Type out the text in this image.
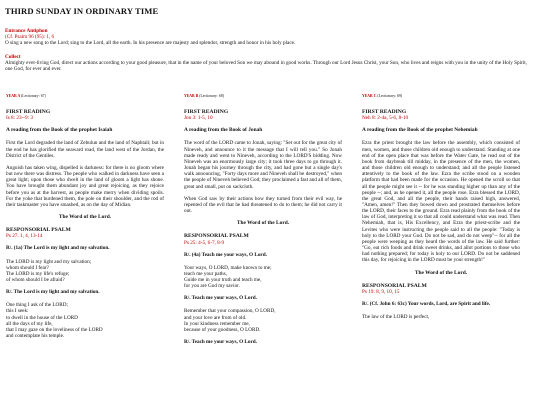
THIRD SUNDAY IN ORDINARY TIME
Entrance Antiphon
(Cf. Psalm 96 (95): 1, 6
O sing a new song to the Lord; sing to the Lord, all the earth. In his presence are majesty and splendor, strength and honor in his holy place.
Collect
Almighty ever-living God, direct our actions according to your good pleasure, that in the name of your beloved Son we may abound in good works. Through our Lord Jesus Christ, your Son, who lives and reigns with you in the unity of the Holy Spirit, one God, for ever and ever.
YEAR A (Lectionary: 67)
FIRST READING
Is 8: 23--9: 3
A reading from the Book of the prophet Isaiah
First the Lord degraded the land of Zebulun and the land of Naphtali; but in the end he has glorified the seaward road, the land west of the Jordan, the District of the Gentiles.
Anguish has taken wing, dispelled is darkness: for there is no gloom where but now there was distress. The people who walked in darkness have seen a great light; upon those who dwelt in the land of gloom a light has shone. You have brought them abundant joy and great rejoicing, as they rejoice before you as at the harvest, as people make merry when dividing spoils. For the yoke that burdened them, the pole on their shoulder, and the rod of their taskmaster you have smashed, as on the day of Midian.
The Word of the Lord.
RESPONSORIAL PSALM
Ps 27. 1, 4, 13-14
R/. (1a) The Lord is my light and my salvation.
The LORD is my light and my salvation;
whom should I fear?
The LORD is my life's refuge;
of whom should I be afraid?
R/. The Lord is my light and my salvation.
One thing I ask of the LORD;
this I seek:
to dwell in the house of the LORD
all the days of my life,
that I may gaze on the loveliness of the LORD
and contemplate his temple.
YEAR B (Lectionary: 68)
FIRST READING
Jon 3: 1-5, 10
A reading from the Book of Jonah
The word of the LORD came to Jonah, saying: "Set out for the great city of Nineveh, and announce to it the message that I will tell you." So Jonah made ready and went to Nineveh, according to the LORD'S bidding. Now Nineveh was an enormously large city; it took three days to go through it. Jonah began his journey through the city, and had gone but a single day's walk announcing, "Forty days more and Nineveh shall be destroyed," when the people of Nineveh believed God; they proclaimed a fast and all of them, great and small, put on sackcloth.
When God saw by their actions how they turned from their evil way, he repented of the evil that he had threatened to do to them; he did not carry it out.
The Word of the Lord.
RESPONSORIAL PSALM
Ps 25: 4-5, 6-7, 8-9
R/. (4a) Teach me your ways, O Lord.
Your ways, O LORD, make known to me;
teach me your paths,
Guide me in your truth and teach me,
for you are God my savior.
R/. Teach me your ways, O Lord.
Remember that your compassion, O LORD,
and your love are from of old.
In your kindness remember me,
because of your goodness, O LORD.
R/. Teach me your ways, O Lord.
YEAR C (Lectionary: 69)
FIRST READING
Neh 8: 2-4a, 5-6, 8-10
A reading from the Book of the prophet Nehemiah
Ezra the priest brought the law before the assembly, which consisted of men, women, and those children old enough to understand. Standing at one end of the open place that was before the Water Gate, he read out of the book from daybreak till midday, in the presence of the men, the women, and those children old enough to understand; and all the people listened attentively to the book of the law. Ezra the scribe stood on a wooden platform that had been made for the occasion. He opened the scroll so that all the people might see it -- for he was standing higher up than any of the people --; and, as he opened it, all the people rose. Ezra blessed the LORD, the great God, and all the people, their hands raised high, answered, "Amen, amen!" Then they bowed down and prostrated themselves before the LORD, their faces to the ground. Ezra read plainly from the book of the law of God, interpreting it so that all could understand what was read. Then Nehemiah, that is, His Excellency, and Ezra the priest-scribe and the Levites who were instructing the people said to all the people: "Today is holy to the LORD your God. Do not be sad, and do not weep"-- for all the people were weeping as they heard the words of the law. He said further: "Go, eat rich foods and drink sweet drinks, and allot portions to those who had nothing prepared; for today is holy to our LORD. Do not be saddened this day, for rejoicing in the LORD must be your strength!"
The Word of the Lord.
RESPONSORIAL PSALM
Ps 19: 8, 9, 10, 15
R/. (Cf. John 6: 63c) Your words, Lord, are Spirit and life.
The law of the LORD is perfect,
